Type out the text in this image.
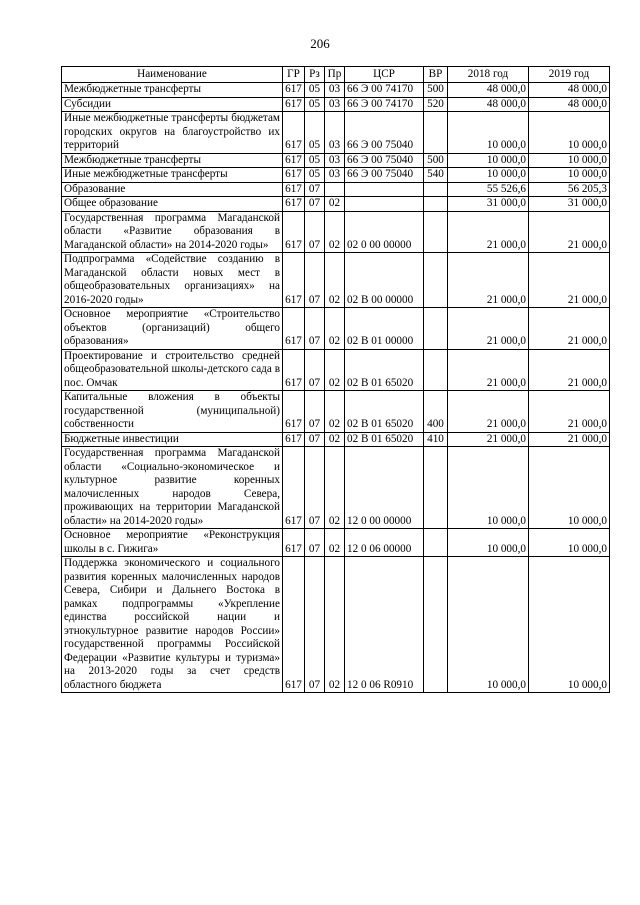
206
Наименование	ГР	Рз	Пр	ЦСР	ВР	2018 год	2019 год
Межбюджетные трансферты	617	05	03	66 Э 00 74170	500	48 000,0	48 000,0
Субсидии	617	05	03	66 Э 00 74170	520	48 000,0	48 000,0
Иные межбюджетные трансферты бюджетам городских округов на благоустройство их территорий	617	05	03	66 Э 00 75040		10 000,0	10 000,0
Межбюджетные трансферты	617	05	03	66 Э 00 75040	500	10 000,0	10 000,0
Иные межбюджетные трансферты	617	05	03	66 Э 00 75040	540	10 000,0	10 000,0
Образование	617	07				55 526,6	56 205,3
Общее образование	617	07	02			31 000,0	31 000,0
Государственная программа Магаданской области «Развитие образования в Магаданской области» на 2014-2020 годы»	617	07	02	02 0 00 00000		21 000,0	21 000,0
Подпрограмма «Содействие созданию в Магаданской области новых мест в общеобразовательных организациях» на 2016-2020 годы»	617	07	02	02 В 00 00000		21 000,0	21 000,0
Основное мероприятие «Строительство объектов (организаций) общего образования»	617	07	02	02 В 01 00000		21 000,0	21 000,0
Проектирование и строительство средней общеобразовательной школы-детского сада в пос. Омчак	617	07	02	02 В 01 65020		21 000,0	21 000,0
Капитальные вложения в объекты государственной (муниципальной) собственности	617	07	02	02 В 01 65020	400	21 000,0	21 000,0
Бюджетные инвестиции	617	07	02	02 В 01 65020	410	21 000,0	21 000,0
Государственная программа Магаданской области «Социально-экономическое и культурное развитие коренных малочисленных народов Севера, проживающих на территории Магаданской области» на 2014-2020 годы»	617	07	02	12 0 00 00000		10 000,0	10 000,0
Основное мероприятие «Реконструкция школы в с. Гижига»	617	07	02	12 0 06 00000		10 000,0	10 000,0
Поддержка экономического и социального развития коренных малочисленных народов Севера, Сибири и Дальнего Востока в рамках подпрограммы «Укрепление единства российской нации и этнокультурное развитие народов России» государственной программы Российской Федерации «Развитие культуры и туризма» на 2013-2020 годы за счет средств областного бюджета	617	07	02	12 0 06 R0910		10 000,0	10 000,0
